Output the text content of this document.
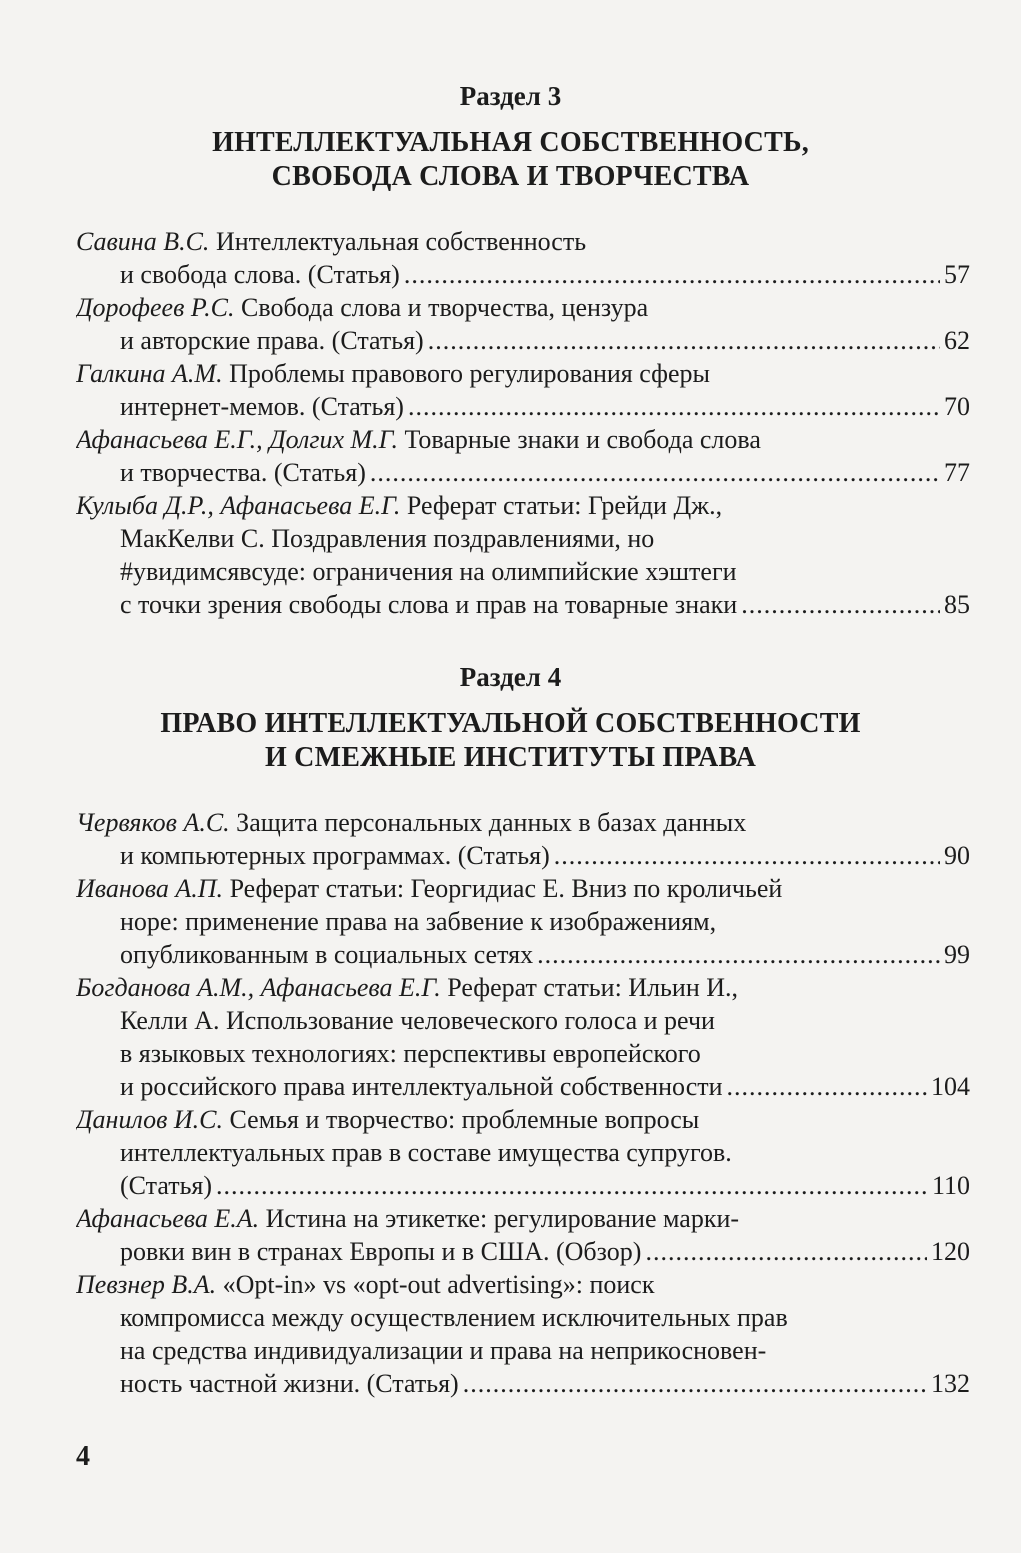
Раздел 3
ИНТЕЛЛЕКТУАЛЬНАЯ СОБСТВЕННОСТЬ,
СВОБОДА СЛОВА И ТВОРЧЕСТВА
Савина В.С. Интеллектуальная собственность
и свобода слова. (Статья) .....	57
Дорофеев Р.С. Свобода слова и творчества, цензура
и авторские права. (Статья) .....	62
Галкина А.М. Проблемы правового регулирования сферы
интернет-мемов. (Статья) .....	70
Афанасьева Е.Г., Долгих М.Г. Товарные знаки и свобода слова
и творчества. (Статья) .....	77
Кулыба Д.Р., Афанасьева Е.Г. Реферат статьи: Грейди Дж.,
МакКелви С. Поздравления поздравлениями, но
#увидимсявсуде: ограничения на олимпийские хэштеги
с точки зрения свободы слова и прав на товарные знаки .....	85
Раздел 4
ПРАВО ИНТЕЛЛЕКТУАЛЬНОЙ СОБСТВЕННОСТИ
И СМЕЖНЫЕ ИНСТИТУТЫ ПРАВА
Червяков А.С. Защита персональных данных в базах данных
и компьютерных программах. (Статья) .....	90
Иванова А.П. Реферат статьи: Георгидиас Е. Вниз по кроличьей
норе: применение права на забвение к изображениям,
опубликованным в социальных сетях .....	99
Богданова А.М., Афанасьева Е.Г. Реферат статьи: Ильин И.,
Келли А. Использование человеческого голоса и речи
в языковых технологиях: перспективы европейского
и российского права интеллектуальной собственности .....	104
Данилов И.С. Семья и творчество: проблемные вопросы
интеллектуальных прав в составе имущества супругов.
(Статья) .....	110
Афанасьева Е.А. Истина на этикетке: регулирование марки-
ровки вин в странах Европы и в США. (Обзор) .....	120
Певзнер В.А. «Opt-in» vs «opt-out advertising»: поиск
компромисса между осуществлением исключительных прав
на средства индивидуализации и права на неприкосновен-
ность частной жизни. (Статья) .....	132
4
